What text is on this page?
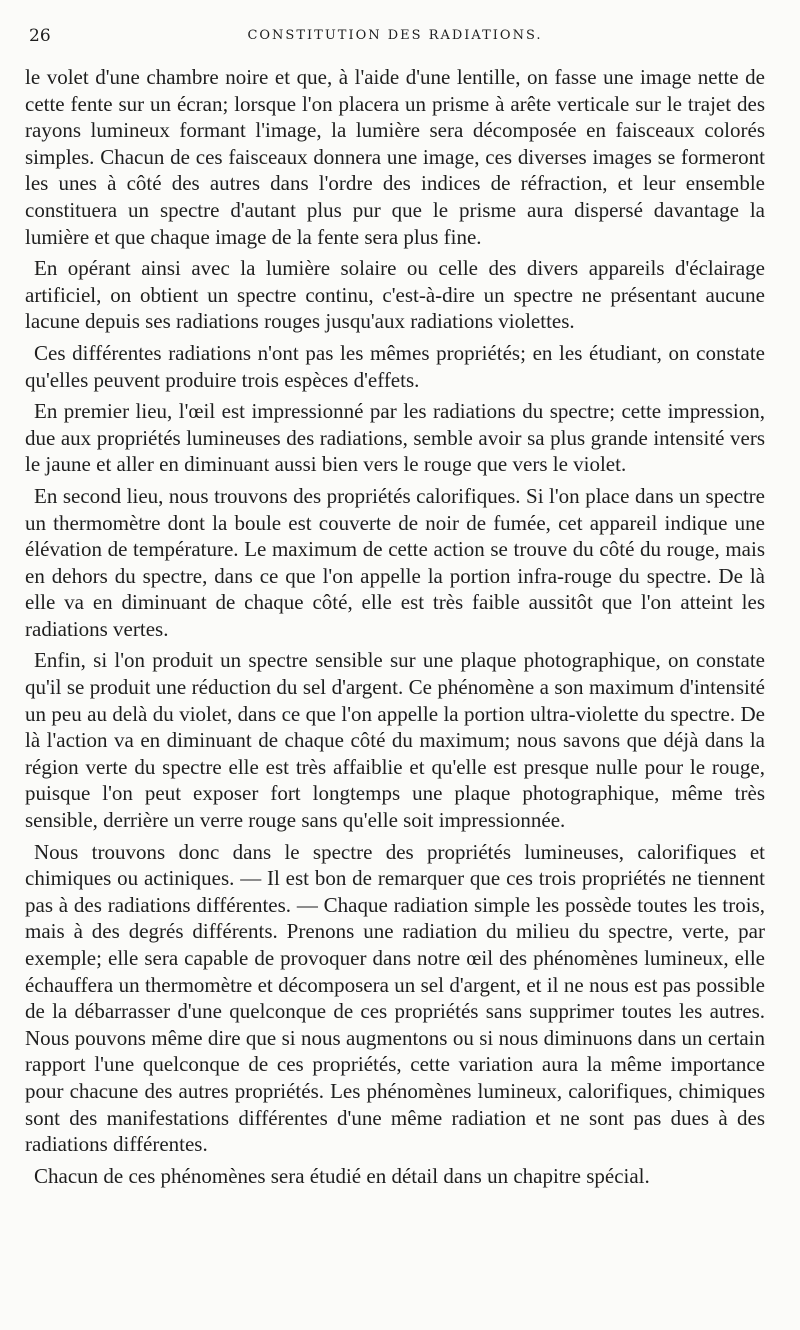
26	CONSTITUTION DES RADIATIONS.

le volet d'une chambre noire et que, à l'aide d'une lentille, on fasse une image nette de cette fente sur un écran; lorsque l'on placera un prisme à arête verticale sur le trajet des rayons lumineux formant l'image, la lumière sera décomposée en faisceaux colorés simples. Chacun de ces faisceaux donnera une image, ces diverses images se formeront les unes à côté des autres dans l'ordre des indices de réfraction, et leur ensemble constituera un spectre d'autant plus pur que le prisme aura dispersé davantage la lumière et que chaque image de la fente sera plus fine.

En opérant ainsi avec la lumière solaire ou celle des divers appareils d'éclairage artificiel, on obtient un spectre continu, c'est-à-dire un spectre ne présentant aucune lacune depuis ses radiations rouges jusqu'aux radiations violettes.

Ces différentes radiations n'ont pas les mêmes propriétés; en les étudiant, on constate qu'elles peuvent produire trois espèces d'effets.

En premier lieu, l'œil est impressionné par les radiations du spectre; cette impression, due aux propriétés lumineuses des radiations, semble avoir sa plus grande intensité vers le jaune et aller en diminuant aussi bien vers le rouge que vers le violet.

En second lieu, nous trouvons des propriétés calorifiques. Si l'on place dans un spectre un thermomètre dont la boule est couverte de noir de fumée, cet appareil indique une élévation de température. Le maximum de cette action se trouve du côté du rouge, mais en dehors du spectre, dans ce que l'on appelle la portion infra-rouge du spectre. De là elle va en diminuant de chaque côté, elle est très faible aussitôt que l'on atteint les radiations vertes.

Enfin, si l'on produit un spectre sensible sur une plaque photographique, on constate qu'il se produit une réduction du sel d'argent. Ce phénomène a son maximum d'intensité un peu au delà du violet, dans ce que l'on appelle la portion ultra-violette du spectre. De là l'action va en diminuant de chaque côté du maximum; nous savons que déjà dans la région verte du spectre elle est très affaiblie et qu'elle est presque nulle pour le rouge, puisque l'on peut exposer fort longtemps une plaque photographique, même très sensible, derrière un verre rouge sans qu'elle soit impressionnée.

Nous trouvons donc dans le spectre des propriétés lumineuses, calorifiques et chimiques ou actiniques. — Il est bon de remarquer que ces trois propriétés ne tiennent pas à des radiations différentes. — Chaque radiation simple les possède toutes les trois, mais à des degrés différents. Prenons une radiation du milieu du spectre, verte, par exemple; elle sera capable de provoquer dans notre œil des phénomènes lumineux, elle échauffera un thermomètre et décomposera un sel d'argent, et il ne nous est pas possible de la débarrasser d'une quelconque de ces propriétés sans supprimer toutes les autres. Nous pouvons même dire que si nous augmentons ou si nous diminuons dans un certain rapport l'une quelconque de ces propriétés, cette variation aura la même importance pour chacune des autres propriétés. Les phénomènes lumineux, calorifiques, chimiques sont des manifestations différentes d'une même radiation et ne sont pas dues à des radiations différentes.

Chacun de ces phénomènes sera étudié en détail dans un chapitre spécial.
